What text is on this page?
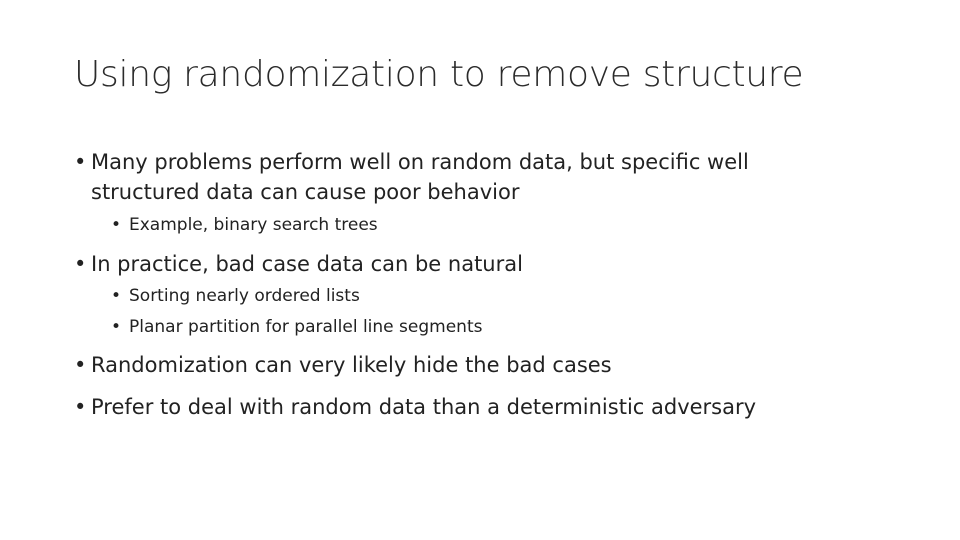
Using randomization to remove structure
• Many problems perform well on random data, but specific well
structured data can cause poor behavior
• Example, binary search trees
• In practice, bad case data can be natural
• Sorting nearly ordered lists
• Planar partition for parallel line segments
• Randomization can very likely hide the bad cases
• Prefer to deal with random data than a deterministic adversary
